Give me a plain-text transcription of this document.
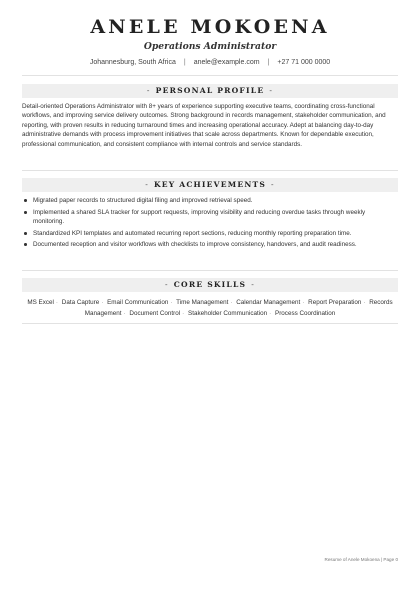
ANELE MOKOENA
Operations Administrator
Johannesburg, South Africa | anele@example.com | +27 71 000 0000
- PERSONAL PROFILE -
Detail-oriented Operations Administrator with 8+ years of experience supporting executive teams, coordinating cross-functional workflows, and improving service delivery outcomes. Strong background in records management, stakeholder communication, and reporting, with proven results in reducing turnaround times and increasing operational accuracy. Adept at balancing day-to-day administrative demands with process improvement initiatives that scale across departments. Known for dependable execution, professional communication, and consistent compliance with internal controls and service standards.
- KEY ACHIEVEMENTS -
Migrated paper records to structured digital filing and improved retrieval speed.
Implemented a shared SLA tracker for support requests, improving visibility and reducing overdue tasks through weekly monitoring.
Standardized KPI templates and automated recurring report sections, reducing monthly reporting preparation time.
Documented reception and visitor workflows with checklists to improve consistency, handovers, and audit readiness.
- CORE SKILLS -
MS Excel · Data Capture · Email Communication · Time Management · Calendar Management · Report Preparation · Records Management · Document Control · Stakeholder Communication · Process Coordination
Resume of Anele Mokoena | Page 0
